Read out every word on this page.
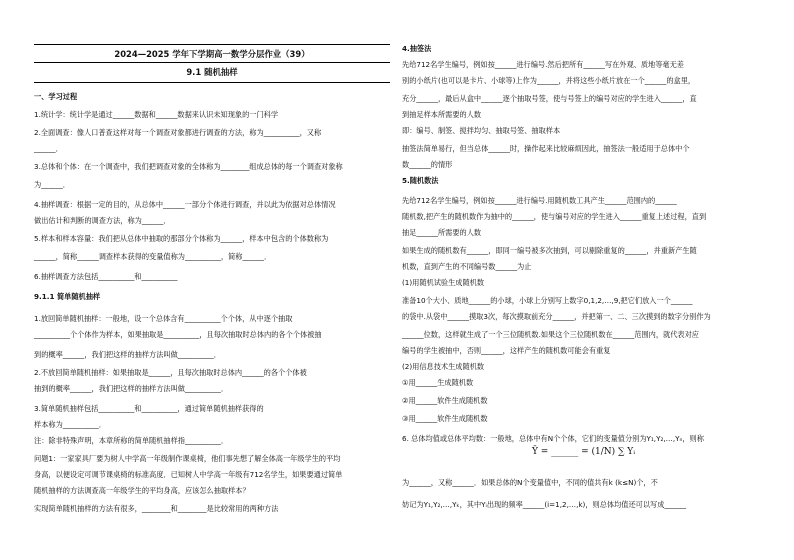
2024—2025 学年下学期高一数学分层作业（39）
9.1 随机抽样
一、学习过程
1.统计学：统计学是通过______数据和______数据来认识未知现象的一门科学
2.全面调查：像人口普查这样对每一个调查对象都进行调查的方法，称为__________，又称
______．
3.总体和个体：在一个调查中，我们把调查对象的全体称为________组成总体的每一个调查对象称
为______．
4.抽样调查：根据一定的目的，从总体中______一部分个体进行调查，并以此为依据对总体情况
做出估计和判断的调查方法，称为______．
5.样本和样本容量：我们把从总体中抽取的那部分个体称为______，样本中包含的个体数称为
______，简称______调查样本获得的变量值称为__________，简称______．
6.抽样调查方法包括__________和__________
9.1.1 简单随机抽样
1.放回简单随机抽样：一般地，设一个总体含有__________个个体，从中逐个抽取
__________个个体作为样本，如果抽取是__________，且每次抽取时总体内的各个个体被抽
到的概率______，我们把这样的抽样方法叫做__________．
2.不放回简单随机抽样：如果抽取是______，且每次抽取时总体内______的各个个体被
抽到的概率______，我们把这样的抽样方法叫做__________．
3.简单随机抽样包括__________和__________，通过简单随机抽样获得的
样本称为__________．
注：除非特殊声明，本章所称的简单随机抽样指__________．
问题1：一家家具厂要为树人中学高一年级制作课桌椅，他们事先想了解全体高一年级学生的平均
身高，以便设定可调节课桌椅的标准高度．已知树人中学高一年级有712名学生，如果要通过简单
随机抽样的方法调查高一年级学生的平均身高，应该怎么抽取样本？
实现简单随机抽样的方法有很多，________和________是比较常用的两种方法
4.抽签法
先给712名学生编号，例如按______进行编号.然后把所有______写在外观、质地等毫无差
别的小纸片(也可以是卡片、小球等)上作为______，并将这些小纸片放在一个______的盒里，
充分______，最后从盒中______逐个抽取号签，使与号签上的编号对应的学生进入______，直
到抽足样本所需要的人数
即：编号、制签、搅拌均匀、抽取号签、抽取样本
抽签法简单易行，但当总体______时，操作起来比较麻烦因此，抽签法一般适用于总体中个
数______的情形
5.随机数法
先给712名学生编号，例如按______进行编号.用随机数工具产生______范围内的______
随机数,把产生的随机数作为抽中的______，使与编号对应的学生进入______重复上述过程，直到
抽足______所需要的人数
如果生成的随机数有______，即同一编号被多次抽到，可以剔除重复的______，并重新产生随
机数，直到产生的不同编号数______为止
(1)用随机试验生成随机数
准备10个大小、质地______的小球，小球上分别写上数字0,1,2,…,9,把它们放入一个______
的袋中.从袋中______摸取3次，每次摸取前充分______，并把第一、二、三次摸到的数字分别作为
______位数，这样就生成了一个三位随机数.如果这个三位随机数在______范围内，就代表对应
编号的学生被抽中，否则______，这样产生的随机数可能会有重复
(2)用信息技术生成随机数
①用______生成随机数
②用______软件生成随机数
③用______软件生成随机数
6. 总体均值或总体平均数：一般地，总体中有N个个体，它们的变量值分别为Y₁,Y₂,…,Yₙ，则称
为______，又称______．如果总体的N个变量值中，不同的值共有k (k≤N)个，不
妨记为Y₁,Y₂,…,Yₖ，其中Yᵢ出现的频率______(i=1,2,…,k)，则总体均值还可以写成______
Ȳ = ______ = (1/N) ∑ Yᵢ
